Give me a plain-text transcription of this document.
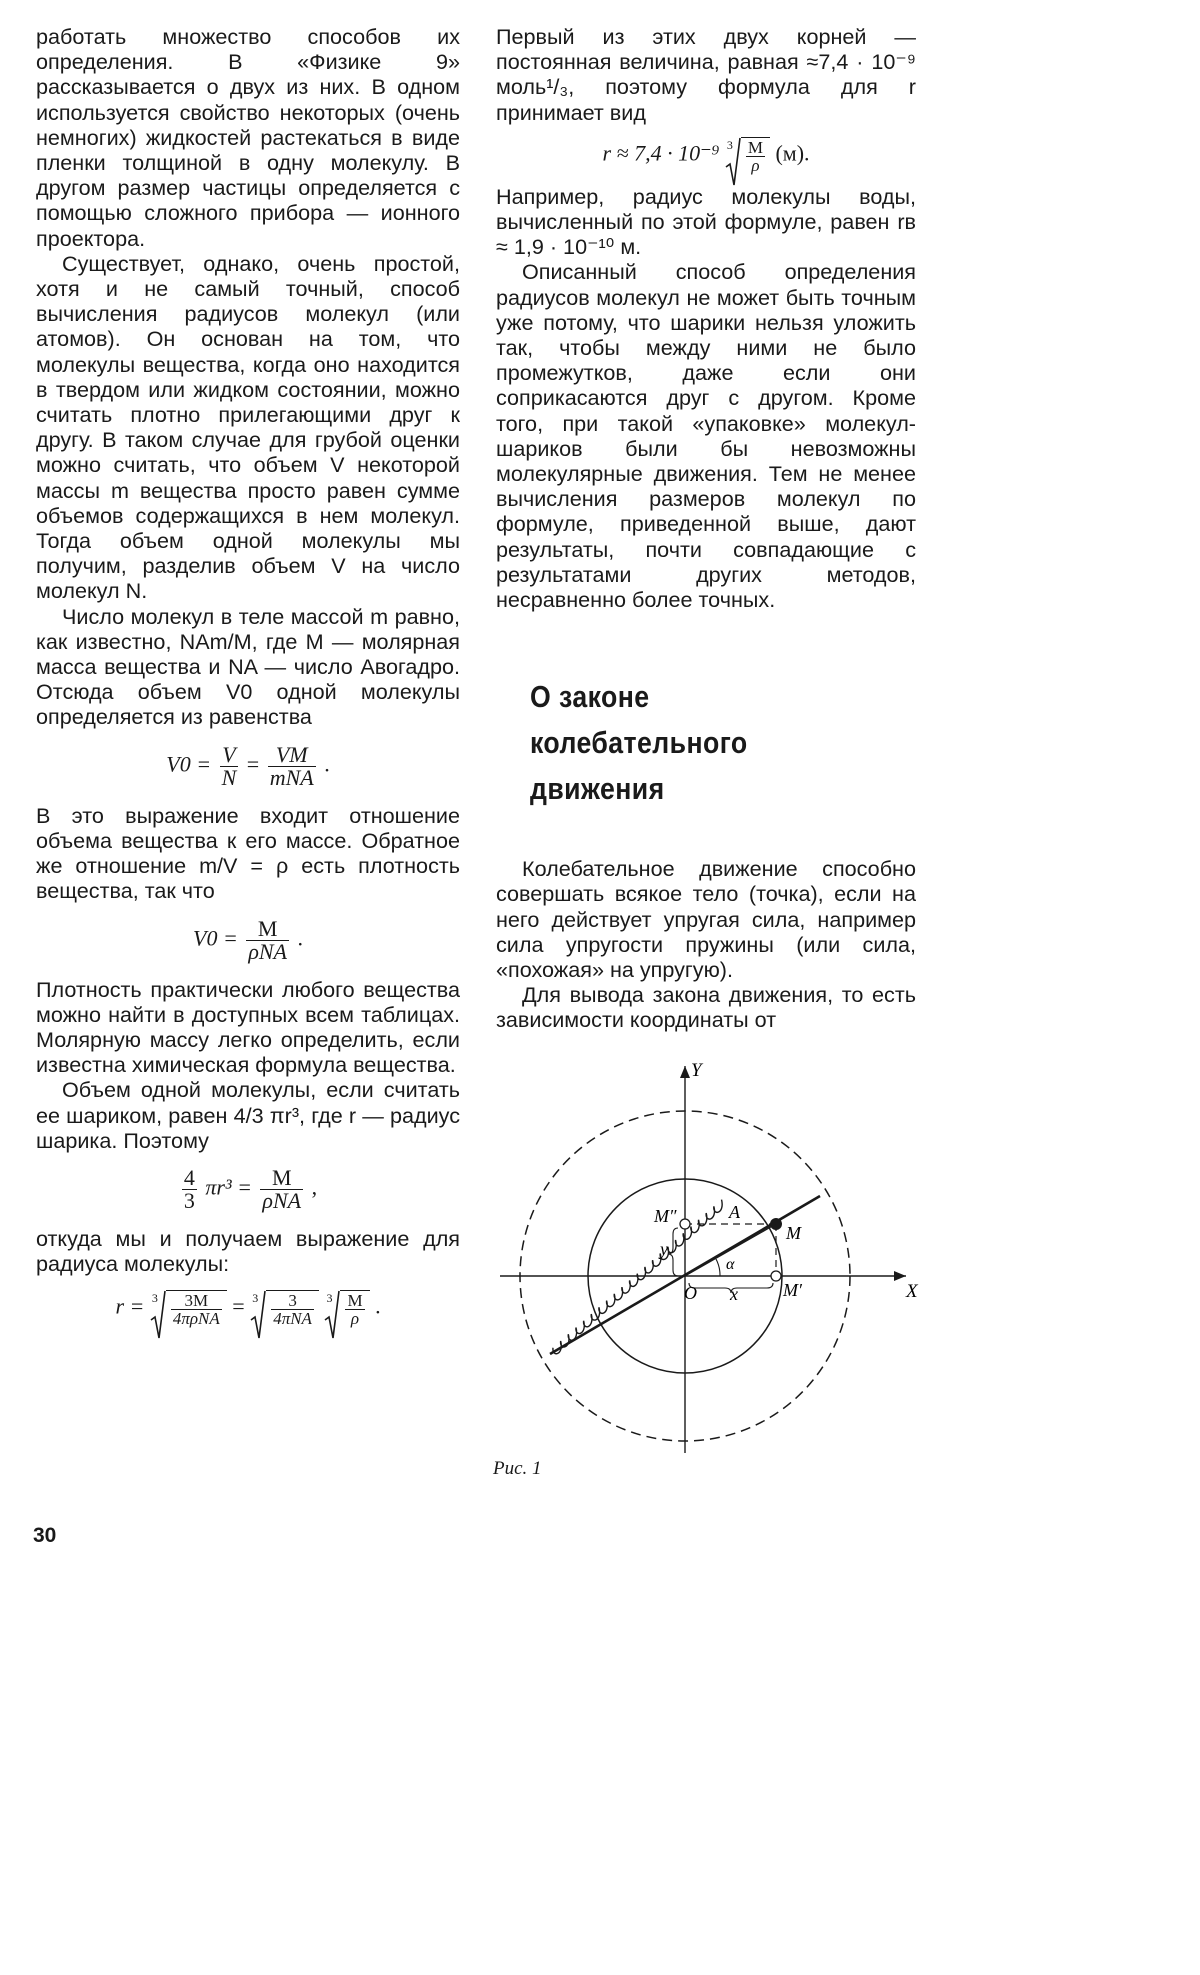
работать множество способов их определения. В «Физике 9» рассказывается о двух из них. В одном используется свойство некоторых (очень немногих) жидкостей растекаться в виде пленки толщиной в одну молекулу. В другом размер частицы определяется с помощью сложного прибора — ионного проектора.

Существует, однако, очень простой, хотя и не самый точный, способ вычисления радиусов молекул (или атомов). Он основан на том, что молекулы вещества, когда оно находится в твердом или жидком состоянии, можно считать плотно прилегающими друг к другу. В таком случае для грубой оценки можно считать, что объем V некоторой массы m вещества просто равен сумме объемов содержащихся в нем молекул. Тогда объем одной молекулы мы получим, разделив объем V на число молекул N.

Число молекул в теле массой m равно, как известно, NAm/M, где M — молярная масса вещества и NA — число Авогадро. Отсюда объем V0 одной молекулы определяется из равенства

$V0 = \frac{V}{N} = \frac{VM}{\text{mNA}}$ .

В это выражение входит отношение объема вещества к его массе. Обратное же отношение m/V = ρ есть плотность вещества, так что

$V0 = \frac{M}{\text{ρNA}}$ .

Плотность практически любого вещества можно найти в доступных всем таблицах. Молярную массу легко определить, если известна химическая формула вещества.

Объем одной молекулы, если считать ее шариком, равен 4/3 πr³, где r — радиус шарика. Поэтому

$\frac{4}{3} \pi r^3 = \frac{M}{\text{ρNA}}$ ,

откуда мы и получаем выражение для радиуса молекулы:

$r = 3 \frac{3M}{\text{4πρNA}} = 3 \frac{3}{\text{4πNA}}$
$3 \frac{M}{\rho}$ .

Первый из этих двух корней — постоянная величина, равная ≈7,4 · 10⁻⁹ моль¹/₃, поэтому формула для r принимает вид

r ≈ 7,4 · 10⁻⁹ $3 \frac{M}{\rho} (м)$.

Например, радиус молекулы воды, вычисленный по этой формуле, равен rв ≈ 1,9 · 10⁻¹⁰ м.

Описанный способ определения радиусов молекул не может быть точным уже потому, что шарики нельзя уложить так, чтобы между ними не было промежутков, даже если они соприкасаются друг с другом. Кроме того, при такой «упаковке» молекул-шариков были бы невозможны молекулярные движения. Тем не менее вычисления размеров молекул по формуле, приведенной выше, дают результаты, почти совпадающие с результатами других методов, несравненно более точных.

О законе
колебательного
движения

Колебательное движение способно совершать всякое тело (точка), если на него действует упругая сила, например сила упругости пружины (или сила, «похожая» на упругую).

Для вывода закона движения, то есть зависимости координаты от

Y
X
O
M
M′
M″	A
x
y
α
Рис. 1
30
